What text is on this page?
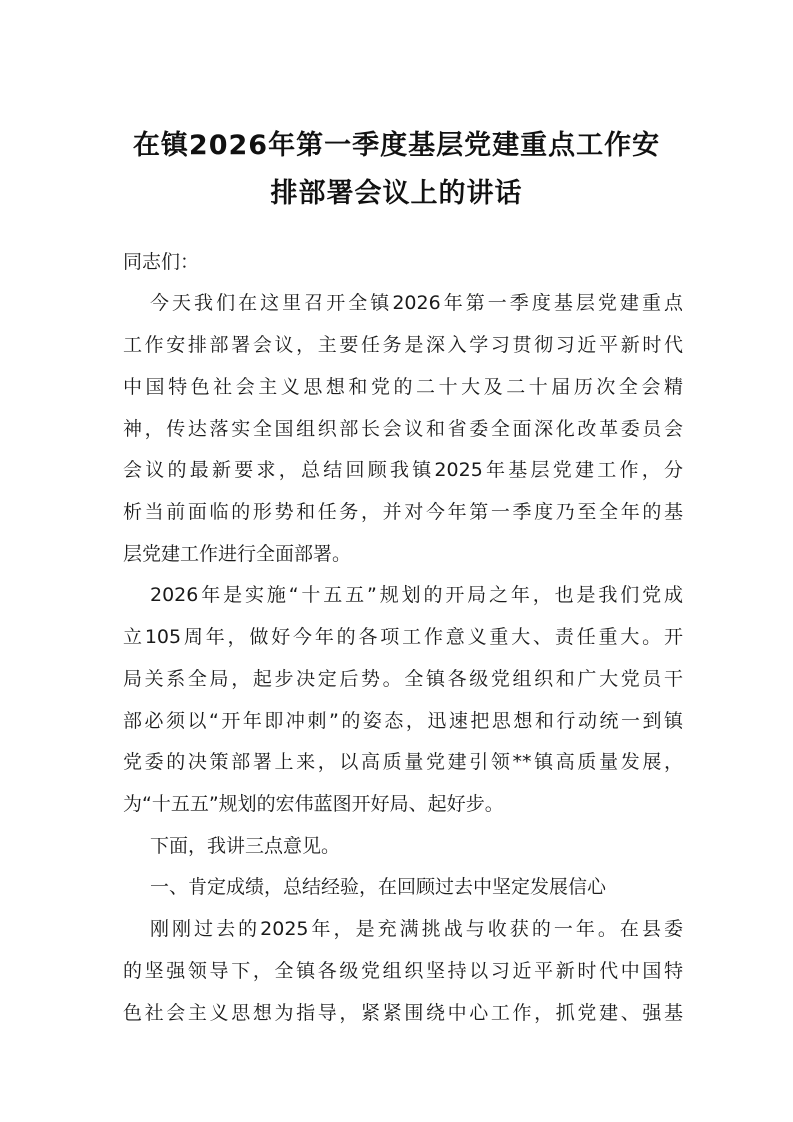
在镇2026年第一季度基层党建重点工作安
排部署会议上的讲话
同志们：
今天我们在这里召开全镇2026年第一季度基层党建重点
工作安排部署会议，主要任务是深入学习贯彻习近平新时代
中国特色社会主义思想和党的二十大及二十届历次全会精
神，传达落实全国组织部长会议和省委全面深化改革委员会
会议的最新要求，总结回顾我镇2025年基层党建工作，分
析当前面临的形势和任务，并对今年第一季度乃至全年的基
层党建工作进行全面部署。
2026年是实施“十五五”规划的开局之年，也是我们党成
立105周年，做好今年的各项工作意义重大、责任重大。开
局关系全局，起步决定后势。全镇各级党组织和广大党员干
部必须以“开年即冲刺”的姿态，迅速把思想和行动统一到镇
党委的决策部署上来，以高质量党建引领**镇高质量发展，
为“十五五”规划的宏伟蓝图开好局、起好步。
下面，我讲三点意见。
一、肯定成绩，总结经验，在回顾过去中坚定发展信心
刚刚过去的2025年，是充满挑战与收获的一年。在县委
的坚强领导下，全镇各级党组织坚持以习近平新时代中国特
色社会主义思想为指导，紧紧围绕中心工作，抓党建、强基
